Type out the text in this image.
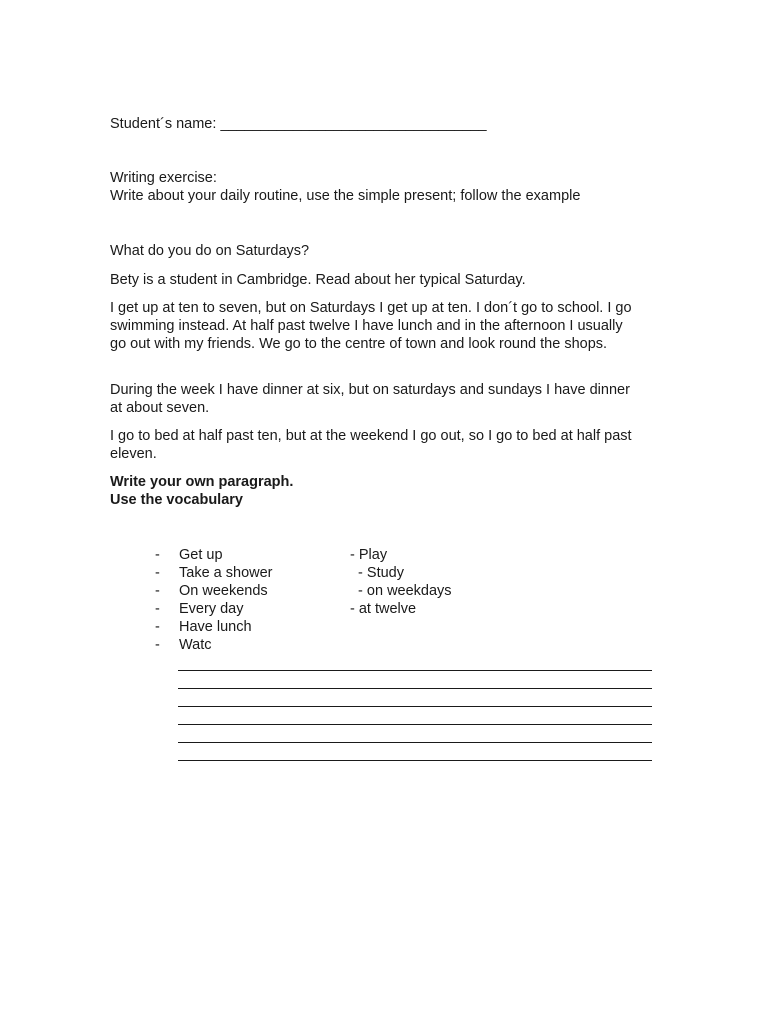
Student´s name: _________________________________
Writing exercise:
Write about your daily routine, use the simple present; follow the example
What do you do on Saturdays?
Bety is a student in Cambridge. Read about her typical Saturday.
I get up at ten to seven, but on Saturdays I get up at ten. I don´t go to school. I go swimming instead. At half past twelve I have lunch and in the afternoon I usually go out with my friends. We go to the centre of town and look round the shops.
During the week I have dinner at six, but on saturdays and sundays I have dinner at about seven.
I go to bed at half past ten, but at the weekend I go out, so I go to bed at half past eleven.
Write your own paragraph.
Use the vocabulary
- Get up	- Play
- Take a shower	- Study
- On weekends	- on weekdays
- Every day	- at twelve
- Have lunch
- Watc
